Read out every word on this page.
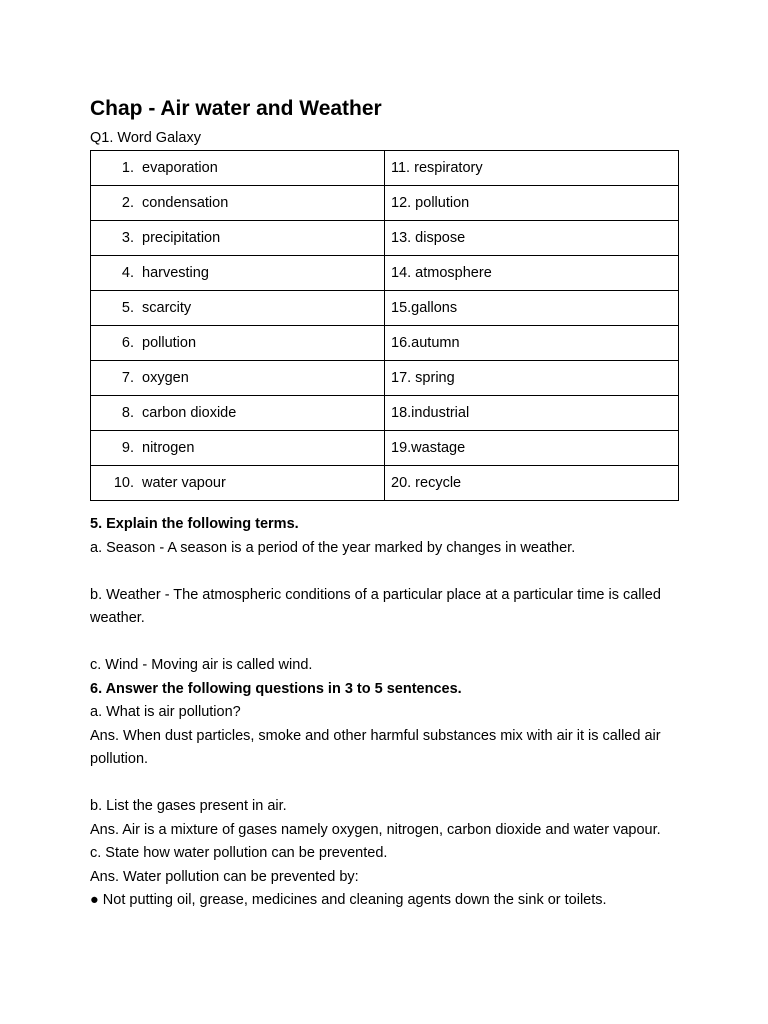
Chap - Air water and Weather
Q1. Word Galaxy
1. evaporation	11. respiratory
2. condensation	12. pollution
3. precipitation	13. dispose
4. harvesting	14. atmosphere
5. scarcity	15.gallons
6. pollution	16.autumn
7. oxygen	17. spring
8. carbon dioxide	18.industrial
9. nitrogen	19.wastage
10. water vapour	20. recycle

5. Explain the following terms.

a. Season - A season is a period of the year marked by changes in weather.

b. Weather - The atmospheric conditions of a particular place at a particular time is called weather.

c. Wind - Moving air is called wind.

6. Answer the following questions in 3 to 5 sentences.

a. What is air pollution?

Ans. When dust particles, smoke and other harmful substances mix with air it is called air pollution.

b. List the gases present in air.

Ans. Air is a mixture of gases namely oxygen, nitrogen, carbon dioxide and water vapour.

c. State how water pollution can be prevented.

Ans. Water pollution can be prevented by:

● Not putting oil, grease, medicines and cleaning agents down the sink or toilets.
